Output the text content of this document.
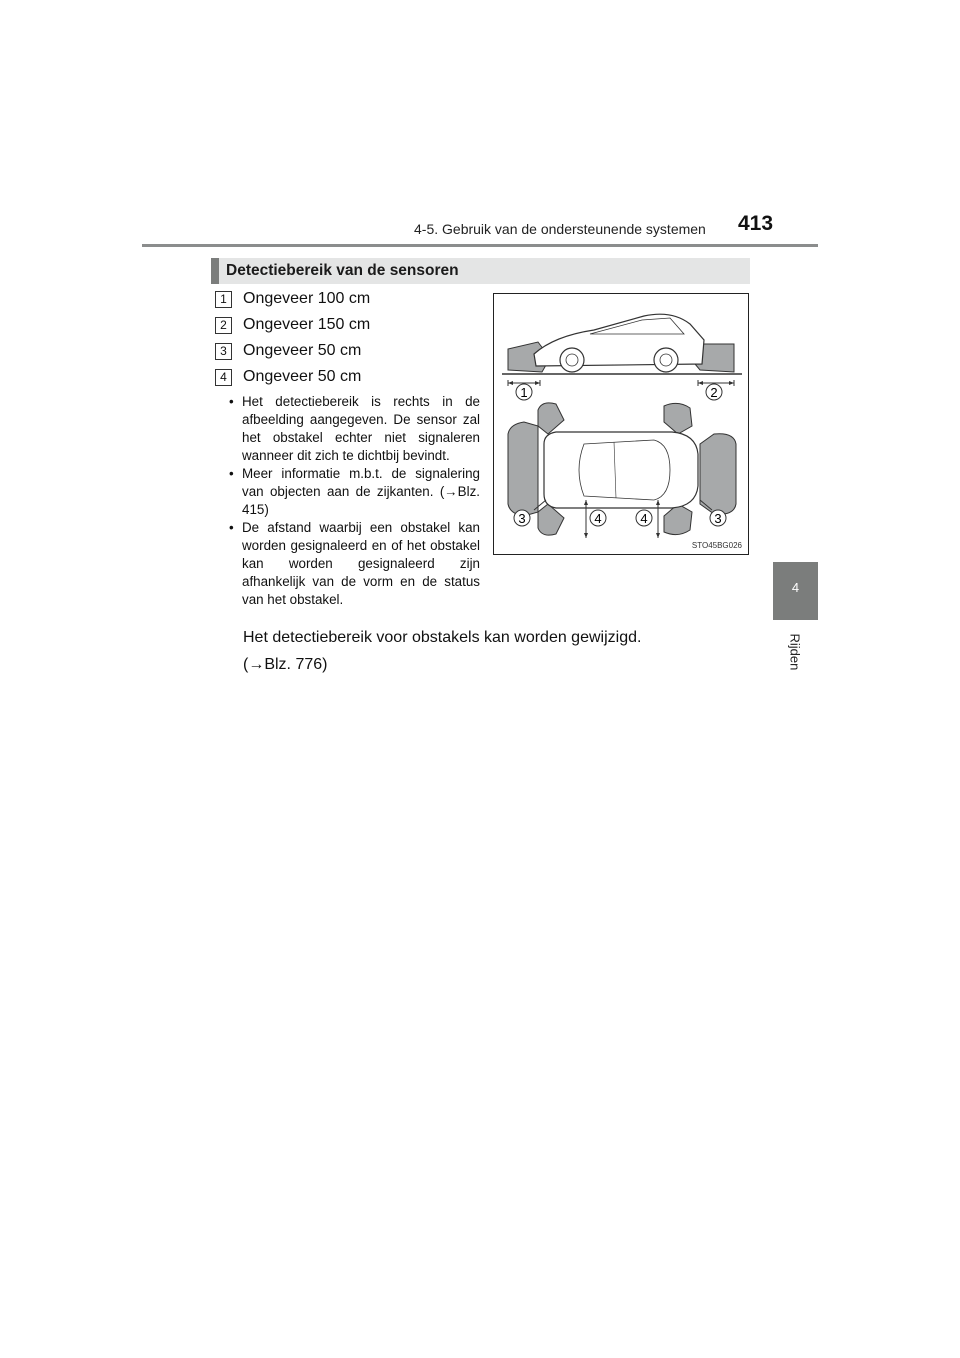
4-5. Gebruik van de ondersteunende systemen 413
4
Rijden
Detectiebereik van de sensoren
1	Ongeveer 100 cm
2	Ongeveer 150 cm
3	Ongeveer 50 cm
4	Ongeveer 50 cm
• Het detectiebereik is rechts in de afbeelding aangegeven. De sensor zal het obstakel echter niet signaleren wanneer dit zich te dichtbij bevindt.
• Meer informatie m.b.t. de signalering van objecten aan de zijkanten. (→Blz. 415)
• De afstand waarbij een obstakel kan worden gesignaleerd en of het obstakel kan worden gesignaleerd zijn afhankelijk van de vorm en de status van het obstakel.
Het detectiebereik voor obstakels kan worden gewijzigd.
(→Blz. 776)
1	2
3	4	4	3
STO45BG026
